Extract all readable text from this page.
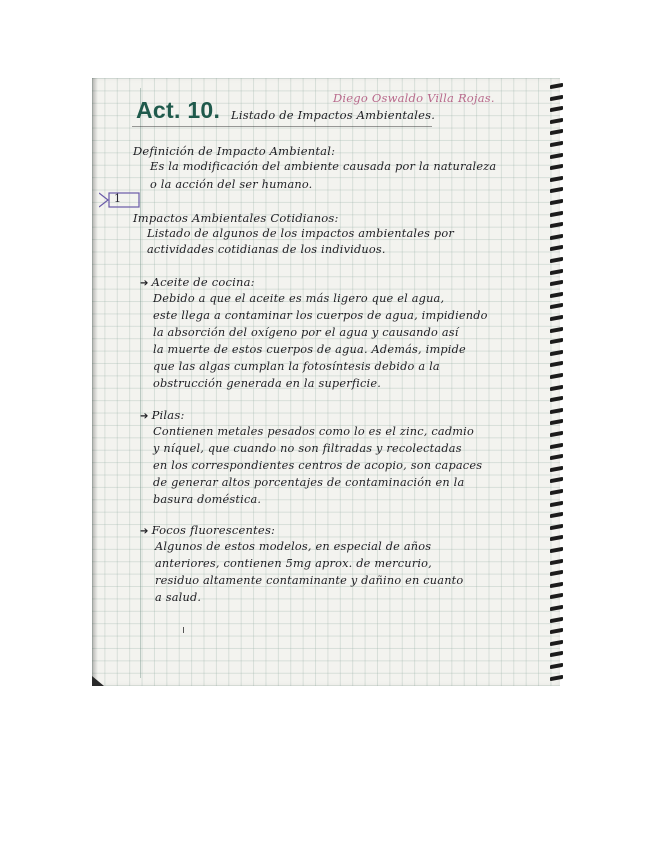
Act. 10. Listado de Impactos Ambientales.
Diego Oswaldo Villa Rojas.
Definición de Impacto Ambiental:
Es la modificación del ambiente causada por la naturaleza
o la acción del ser humano.
1
Impactos Ambientales Cotidianos:
Listado de algunos de los impactos ambientales por
actividades cotidianas de los individuos.
➔ Aceite de cocina:
Debido a que el aceite es más ligero que el agua,
este llega a contaminar los cuerpos de agua, impidiendo
la absorción del oxígeno por el agua y causando así
la muerte de estos cuerpos de agua. Además, impide
que las algas cumplan la fotosíntesis debido a la
obstrucción generada en la superficie.
➔ Pilas:
Contienen metales pesados como lo es el zinc, cadmio
y níquel, que cuando no son filtradas y recolectadas
en los correspondientes centros de acopio, son capaces
de generar altos porcentajes de contaminación en la
basura doméstica.
➔ Focos fluorescentes:
Algunos de estos modelos, en especial de años
anteriores, contienen 5mg aprox. de mercurio,
residuo altamente contaminante y dañino en cuanto
a salud.
